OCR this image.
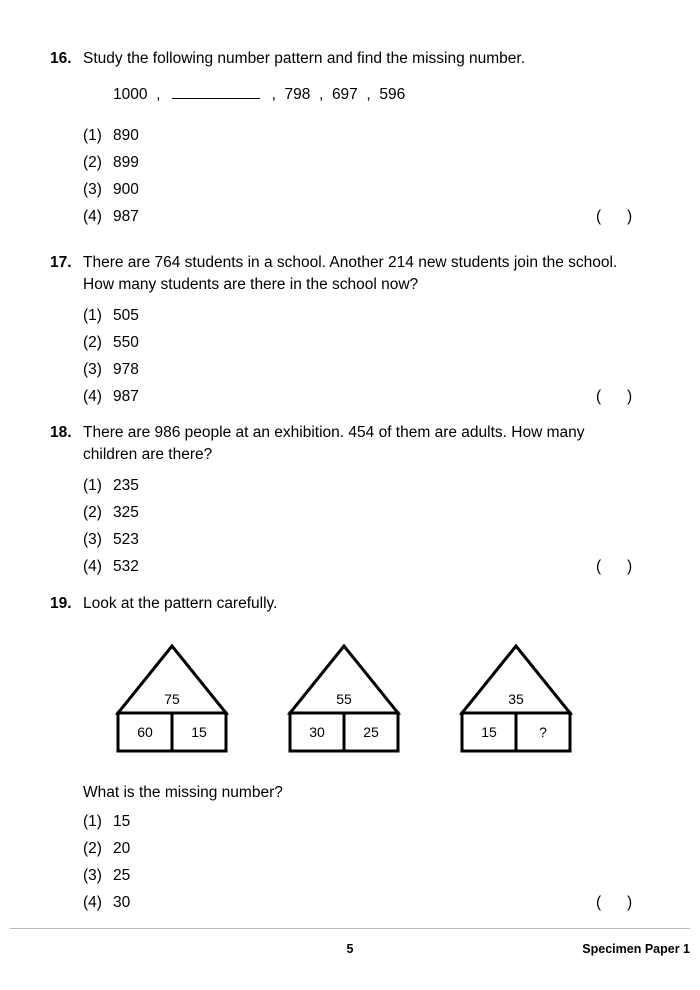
16. Study the following number pattern and find the missing number.
1000  ,	,  798  ,  697  ,  596
(1) 890
(2) 899
(3) 900
(4) 987	(      )
17. There are 764 students in a school. Another 214 new students join the school. How many students are there in the school now?
(1) 505
(2) 550
(3) 978
(4) 987	(      )
18. There are 986 people at an exhibition. 454 of them are adults. How many children are there?
(1) 235
(2) 325
(3) 523
(4) 532	(      )
19. Look at the pattern carefully.
75
60	15
55
30	25
35
15	?
What is the missing number?
(1) 15
(2) 20
(3) 25
(4) 30	(      )
5	Specimen Paper 1
